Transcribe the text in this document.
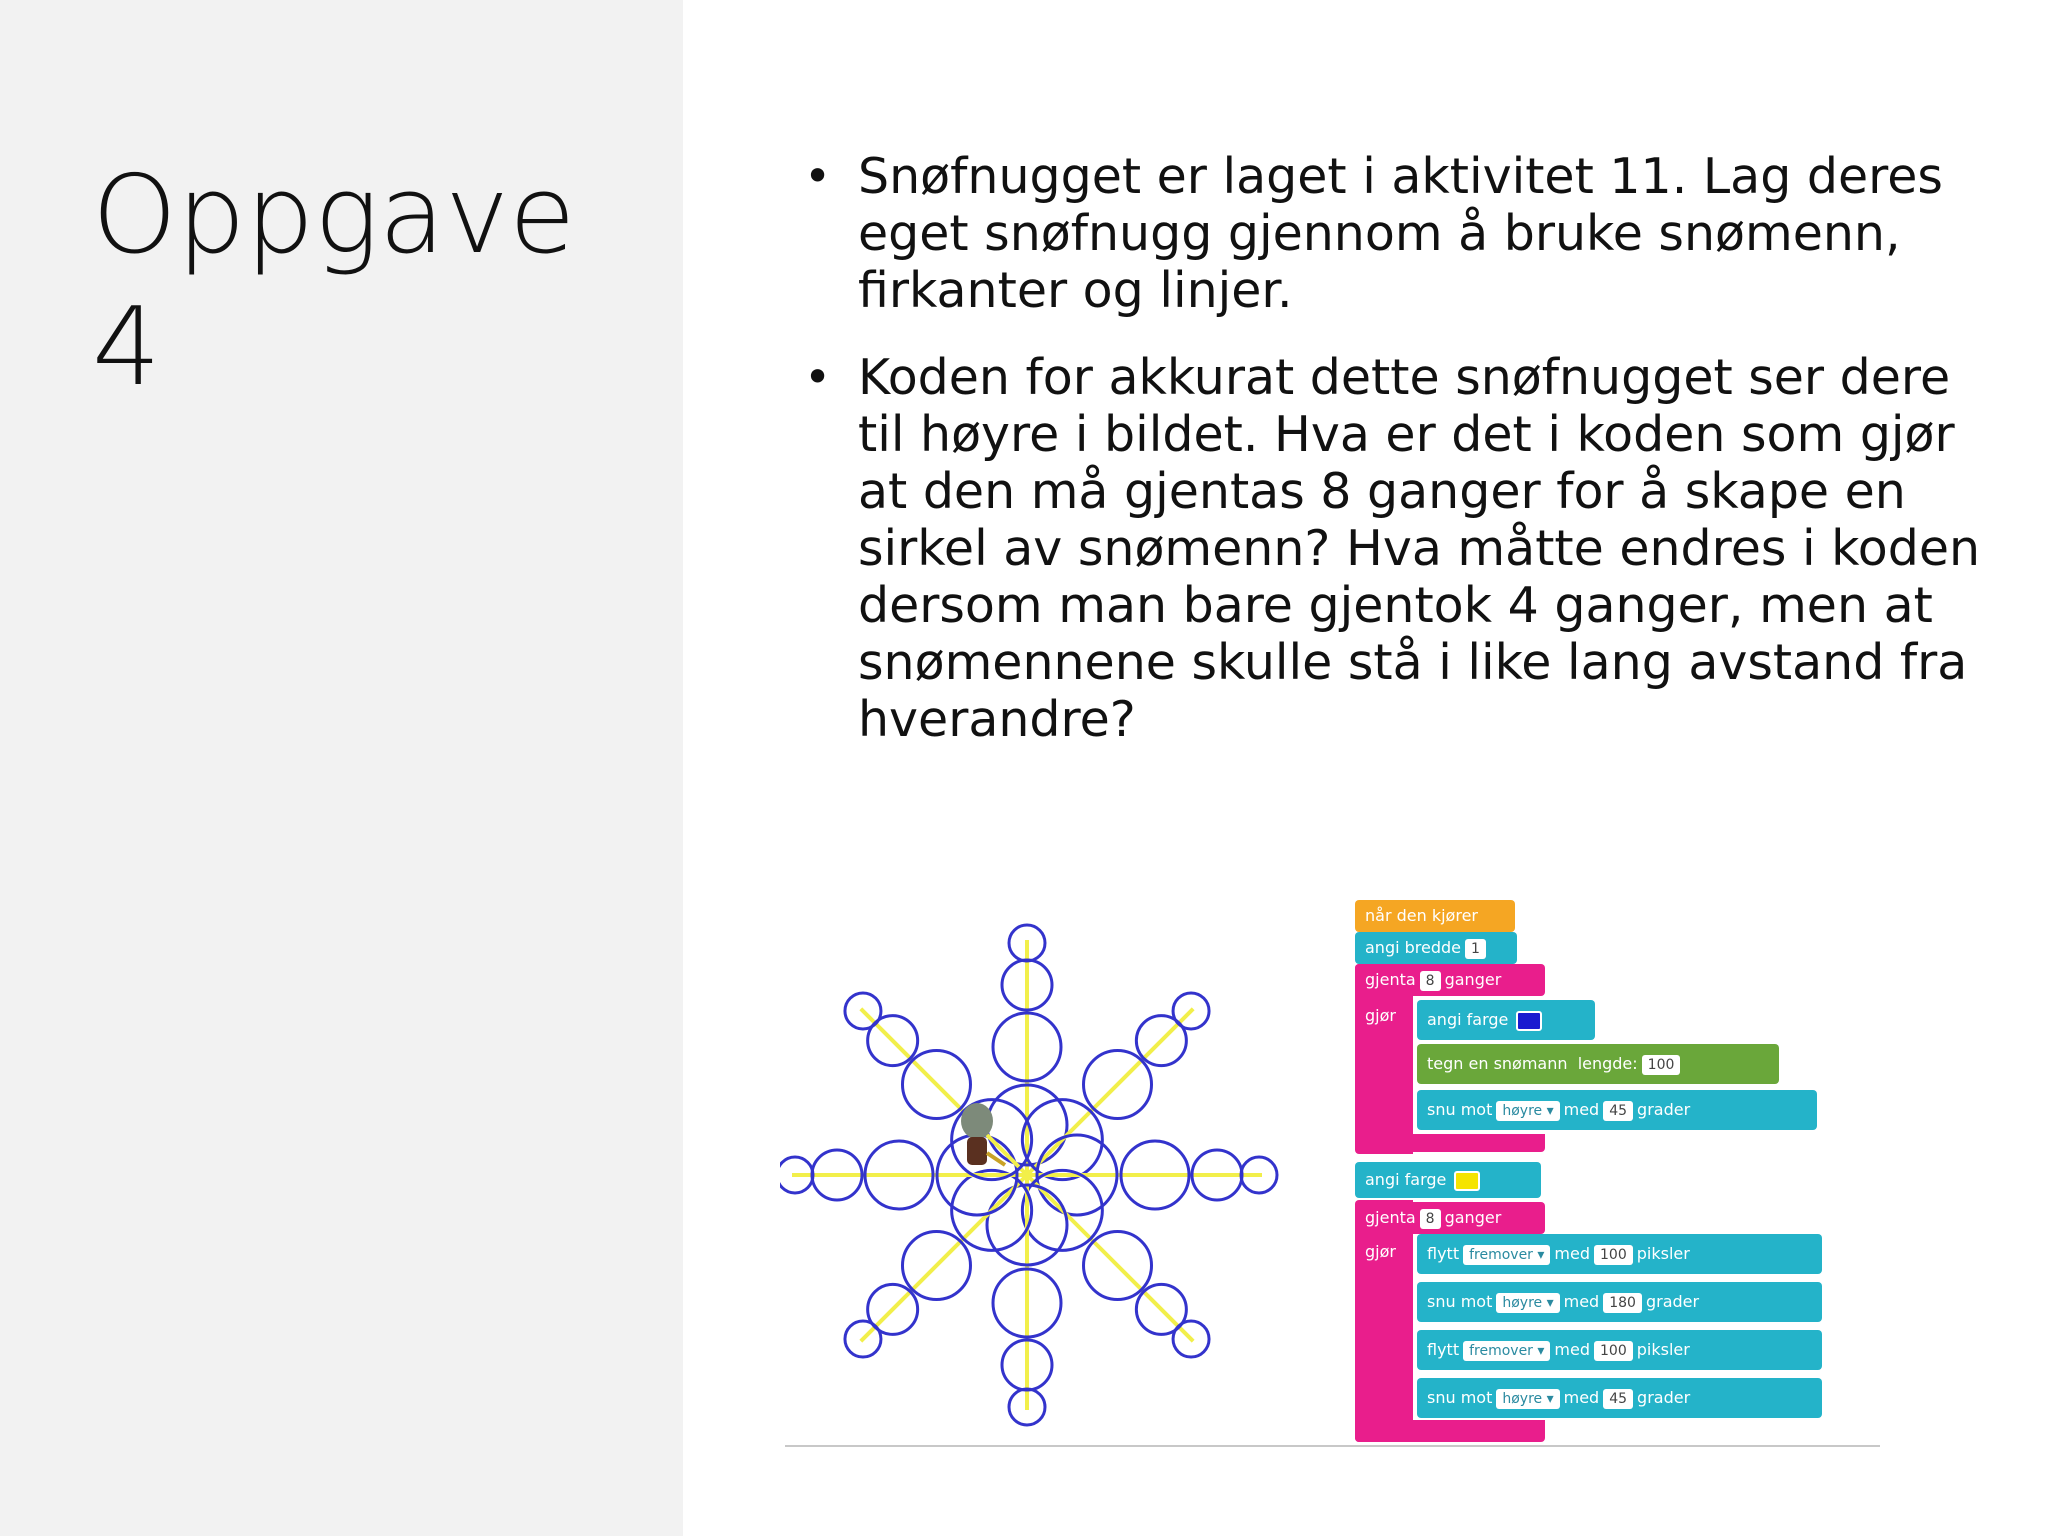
Oppgave
4
• Snøfnugget er laget i aktivitet 11. Lag deres eget snøfnugg gjennom å bruke snømenn, firkanter og linjer.
• Koden for akkurat dette snøfnugget ser dere til høyre i bildet. Hva er det i koden som gjør at den må gjentas 8 ganger for å skape en sirkel av snømenn? Hva måtte endres i koden dersom man bare gjentok 4 ganger, men at snømennene skulle stå i like lang avstand fra hverandre?
når den kjører
angi bredde 1
gjenta 8 ganger
gjør	angi farge
tegn en snømann lengde: 100
snu mot høyre ▾ med 45 grader
angi farge
gjenta 8 ganger
gjør	flytt fremover ▾ med 100 piksler
snu mot høyre ▾ med 180 grader
flytt fremover ▾ med 100 piksler
snu mot høyre ▾ med 45 grader
